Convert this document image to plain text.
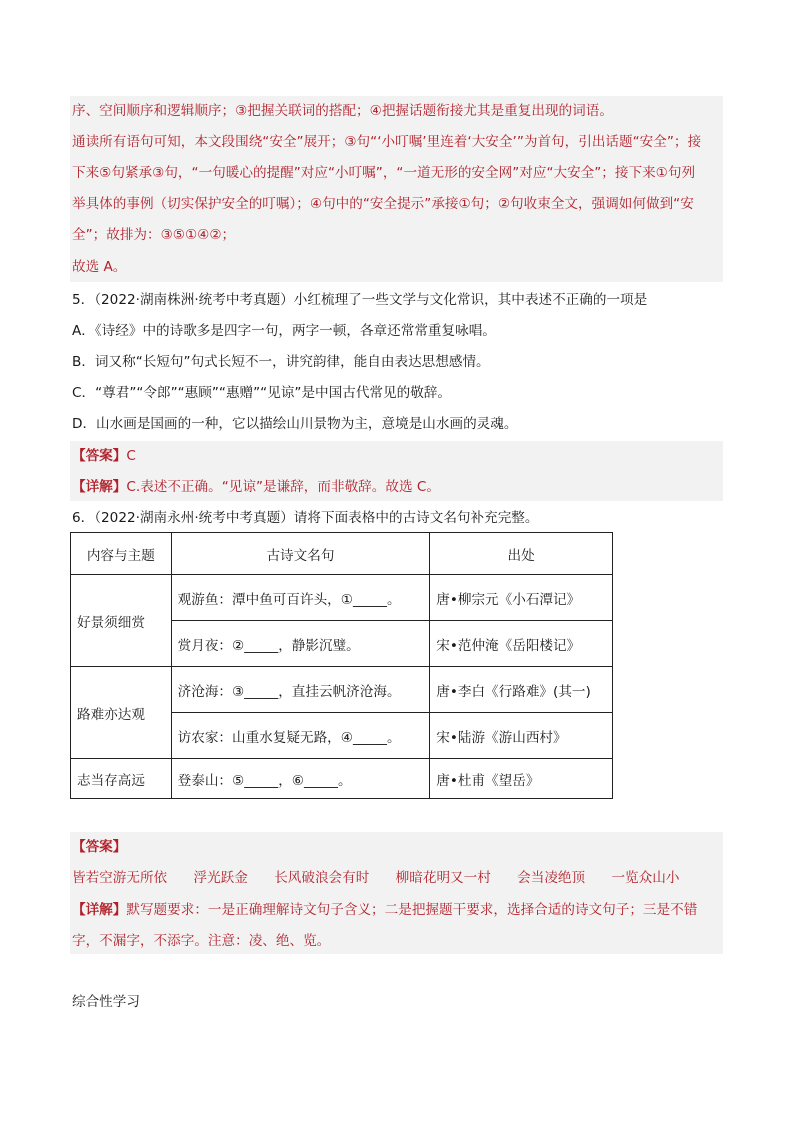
序、空间顺序和逻辑顺序；③把握关联词的搭配；④把握话题衔接尤其是重复出现的词语。
通读所有语句可知，本文段围绕“安全”展开；③句“‘小叮嘱’里连着‘大安全’”为首句，引出话题“安全”；接
下来⑤句紧承③句，“一句暖心的提醒”对应“小叮嘱”，“一道无形的安全网”对应“大安全”；接下来①句列
举具体的事例（切实保护安全的叮嘱）；④句中的“安全提示”承接①句；②句收束全文，强调如何做到“安
全”；故排为：③⑤①④②；
故选 A。
5．（2022·湖南株洲·统考中考真题）小红梳理了一些文学与文化常识，其中表述不正确的一项是
A．《诗经》中的诗歌多是四字一句，两字一顿，各章还常常重复咏唱。
B．词又称“长短句”句式长短不一，讲究韵律，能自由表达思想感情。
C．“尊君”“令郎”“惠顾”“惠赠”“见谅”是中国古代常见的敬辞。
D．山水画是国画的一种，它以描绘山川景物为主，意境是山水画的灵魂。
【答案】C
【详解】C.表述不正确。“见谅”是谦辞，而非敬辞。故选 C。
6．（2022·湖南永州·统考中考真题）请将下面表格中的古诗文名句补充完整。
内容与主题	古诗文名句	出处
好景须细赏	观游鱼：潭中鱼可百许头，①_____。	唐•柳宗元《小石潭记》
	赏月夜：②_____，静影沉璧。	宋•范仲淹《岳阳楼记》
路难亦达观	济沧海：③_____，直挂云帆济沧海。	唐•李白《行路难》(其一)
	访农家：山重水复疑无路，④_____。	宋•陆游《游山西村》
志当存高远	登泰山：⑤_____，⑥_____。	唐•杜甫《望岳》
【答案】
皆若空游无所依 浮光跃金 长风破浪会有时 柳暗花明又一村 会当凌绝顶 一览众山小
【详解】默写题要求：一是正确理解诗文句子含义；二是把握题干要求，选择合适的诗文句子；三是不错
字，不漏字，不添字。注意：凌、绝、览。
综合性学习
